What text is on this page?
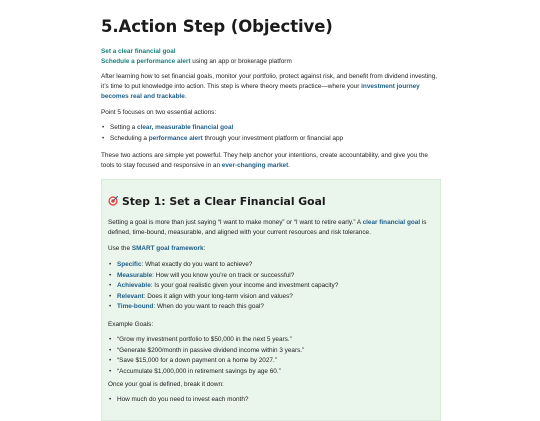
5.Action Step (Objective)
Set a clear financial goal
Schedule a performance alert using an app or brokerage platform
After learning how to set financial goals, monitor your portfolio, protect against risk, and benefit from dividend investing, it’s time to put knowledge into action. This step is where theory meets practice—where your investment journey becomes real and trackable.
Point 5 focuses on two essential actions:
• Setting a clear, measurable financial goal
• Scheduling a performance alert through your investment platform or financial app
These two actions are simple yet powerful. They help anchor your intentions, create accountability, and give you the tools to stay focused and responsive in an ever-changing market.
Step 1: Set a Clear Financial Goal
Setting a goal is more than just saying “I want to make money” or “I want to retire early.” A clear financial goal is defined, time-bound, measurable, and aligned with your current resources and risk tolerance.
Use the SMART goal framework:
• Specific: What exactly do you want to achieve?
• Measurable: How will you know you’re on track or successful?
• Achievable: Is your goal realistic given your income and investment capacity?
• Relevant: Does it align with your long-term vision and values?
• Time-bound: When do you want to reach this goal?
Example Goals:
• “Grow my investment portfolio to $50,000 in the next 5 years.”
• “Generate $200/month in passive dividend income within 3 years.”
• “Save $15,000 for a down payment on a home by 2027.”
• “Accumulate $1,000,000 in retirement savings by age 60.”
Once your goal is defined, break it down:
• How much do you need to invest each month?
